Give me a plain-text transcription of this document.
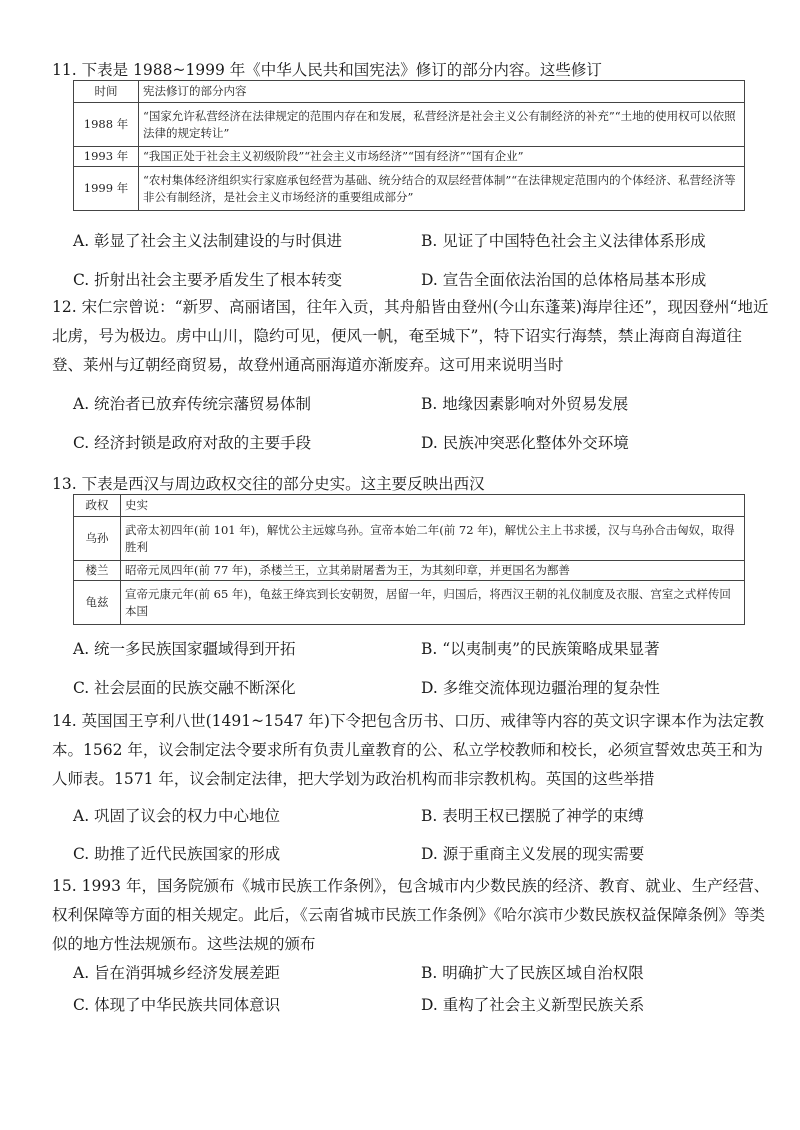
11. 下表是 1988~1999 年《中华人民共和国宪法》修订的部分内容。这些修订

时间	宪法修订的部分内容
1988 年	“国家允许私营经济在法律规定的范围内存在和发展，私营经济是社会主义公有制经济的补充”“土地的使用权可以依照法律的规定转让”
1993 年	“我国正处于社会主义初级阶段”“社会主义市场经济”“国有经济”“国有企业”
1999 年	“农村集体经济组织实行家庭承包经营为基础、统分结合的双层经营体制”“在法律规定范围内的个体经济、私营经济等非公有制经济，是社会主义市场经济的重要组成部分”
A. 彰显了社会主义法制建设的与时俱进	B. 见证了中国特色社会主义法律体系形成
C. 折射出社会主要矛盾发生了根本转变	D. 宣告全面依法治国的总体格局基本形成

12. 宋仁宗曾说：“新罗、高丽诸国，往年入贡，其舟船皆由登州(今山东蓬莱)海岸往还”，现因登州“地近北虏，号为极边。虏中山川，隐约可见，便风一帆，奄至城下”，特下诏实行海禁，禁止海商自海道往登、莱州与辽朝经商贸易，故登州通高丽海道亦渐废弃。这可用来说明当时

A. 统治者已放弃传统宗藩贸易体制	B. 地缘因素影响对外贸易发展
C. 经济封锁是政府对敌的主要手段	D. 民族冲突恶化整体外交环境

13. 下表是西汉与周边政权交往的部分史实。这主要反映出西汉

政权	史实
乌孙	武帝太初四年(前 101 年)，解忧公主远嫁乌孙。宣帝本始二年(前 72 年)，解忧公主上书求援，汉与乌孙合击匈奴，取得胜利
楼兰	昭帝元凤四年(前 77 年)，杀楼兰王，立其弟尉屠耆为王，为其刻印章，并更国名为鄯善
龟兹	宣帝元康元年(前 65 年)，龟兹王绛宾到长安朝贺，居留一年，归国后，将西汉王朝的礼仪制度及衣服、宫室之式样传回本国
A. 统一多民族国家疆域得到开拓	B. “以夷制夷”的民族策略成果显著
C. 社会层面的民族交融不断深化	D. 多维交流体现边疆治理的复杂性

14. 英国国王亨利八世(1491~1547 年)下令把包含历书、口历、戒律等内容的英文识字课本作为法定教本。1562 年，议会制定法令要求所有负责儿童教育的公、私立学校教师和校长，必须宣誓效忠英王和为人师表。1571 年，议会制定法律，把大学划为政治机构而非宗教机构。英国的这些举措

A. 巩固了议会的权力中心地位	B. 表明王权已摆脱了神学的束缚
C. 助推了近代民族国家的形成	D. 源于重商主义发展的现实需要

15. 1993 年，国务院颁布《城市民族工作条例》，包含城市内少数民族的经济、教育、就业、生产经营、权利保障等方面的相关规定。此后，《云南省城市民族工作条例》《哈尔滨市少数民族权益保障条例》等类似的地方性法规颁布。这些法规的颁布

A. 旨在消弭城乡经济发展差距	B. 明确扩大了民族区域自治权限
C. 体现了中华民族共同体意识	D. 重构了社会主义新型民族关系
